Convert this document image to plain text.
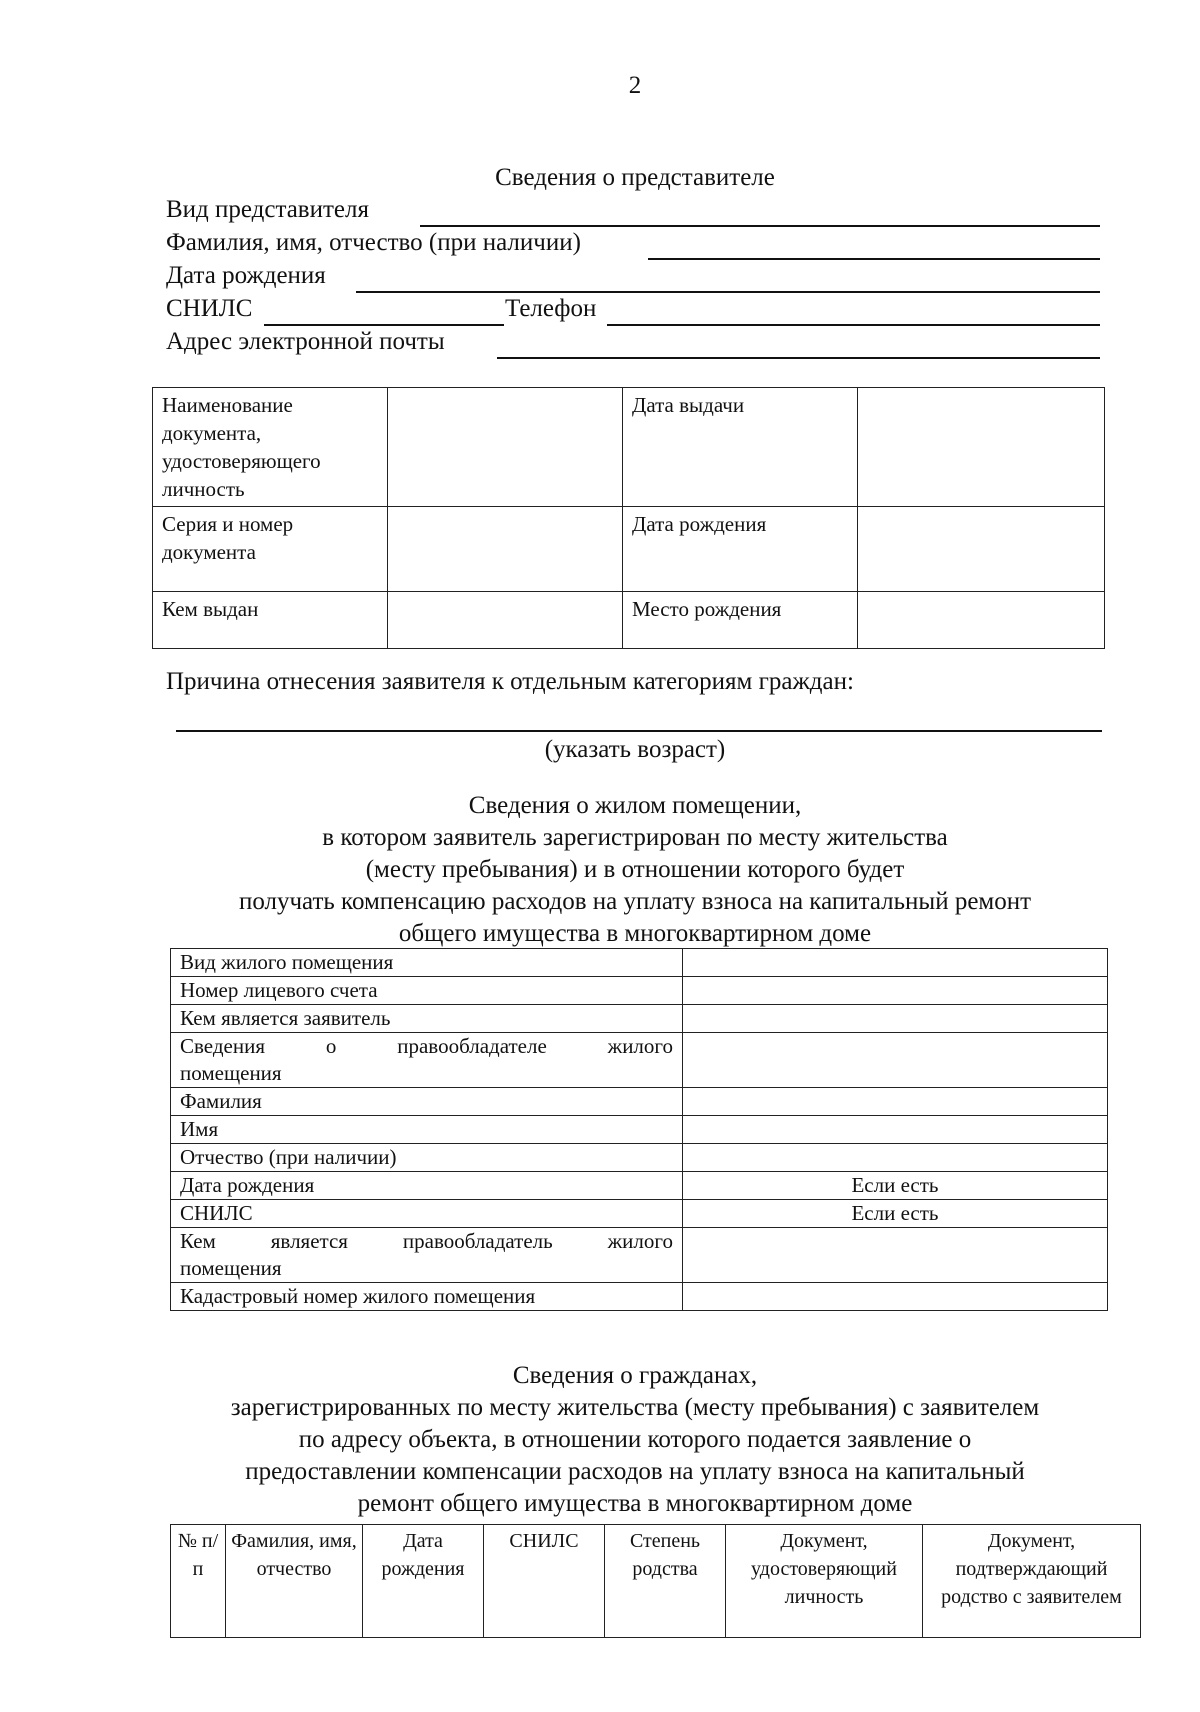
2
Сведения о представителе
Вид представителя
Фамилия, имя, отчество (при наличии)
Дата рождения
СНИЛС	Телефон
Адрес электронной почты
Наименование документа, удостоверяющего личность		Дата выдачи	
Серия и номер документа		Дата рождения	
Кем выдан		Место рождения	
Причина отнесения заявителя к отдельным категориям граждан:
(указать возраст)
Сведения о жилом помещении,
в котором заявитель зарегистрирован по месту жительства
(месту пребывания) и в отношении которого будет
получать компенсацию расходов на уплату взноса на капитальный ремонт
общего имущества в многоквартирном доме
Вид жилого помещения	
Номер лицевого счета	
Кем является заявитель	

Сведения о правообладателе жилого
помещения	

Фамилия	
Имя	
Отчество (при наличии)	
Дата рождения	Если есть
СНИЛС	Если есть

Кем является правообладатель жилого
помещения	

Кадастровый номер жилого помещения	
Сведения о гражданах,
зарегистрированных по месту жительства (месту пребывания) с заявителем
по адресу объекта, в отношении которого подается заявление о
предоставлении компенсации расходов на уплату взноса на капитальный
ремонт общего имущества в многоквартирном доме
№ п/п	Фамилия, имя, отчество	Дата рождения	СНИЛС	Степень родства	Документ, удостоверяющий личность	Документ, подтверждающий родство с заявителем
